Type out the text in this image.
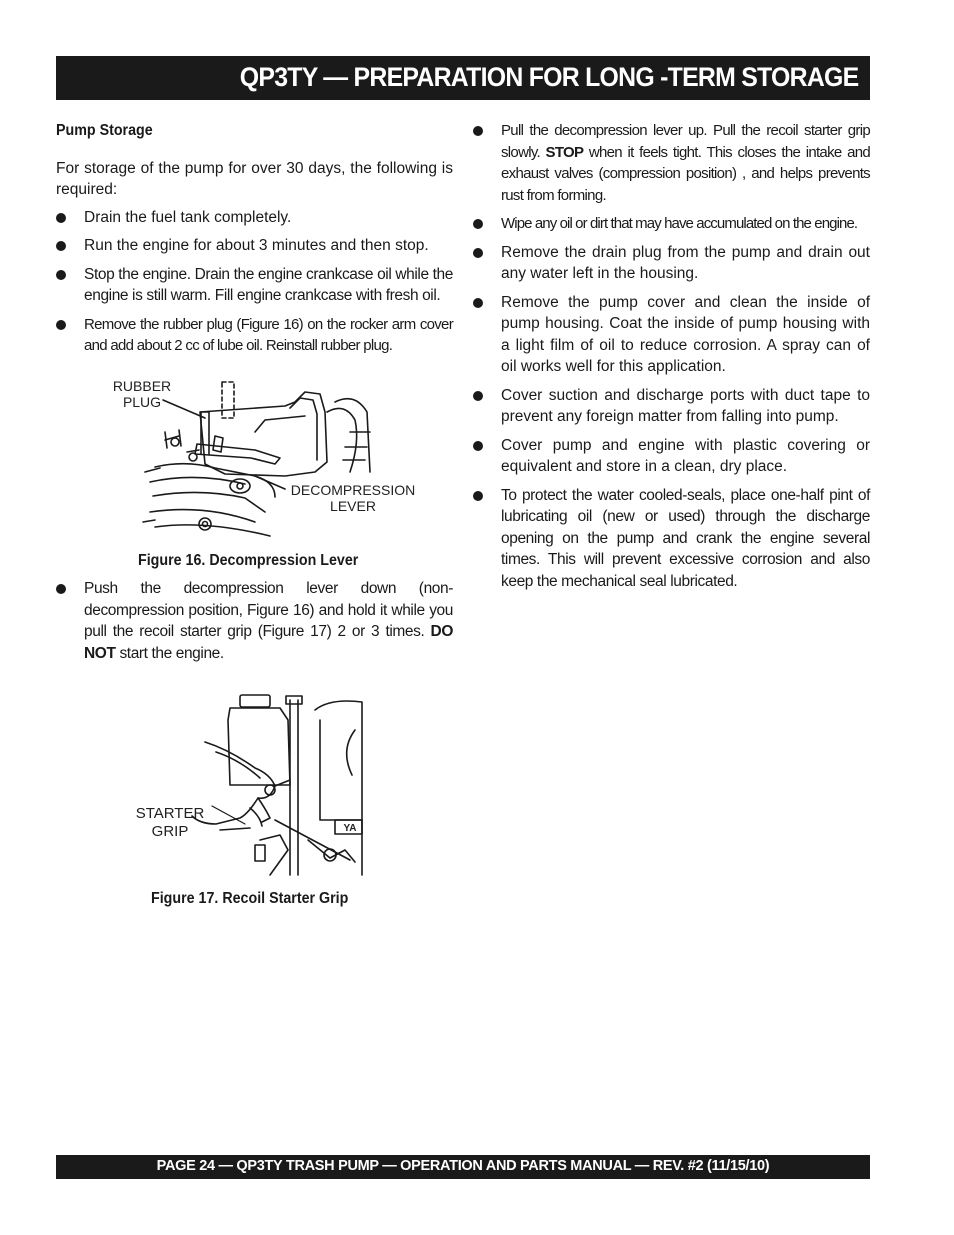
QP3TY — PREPARATION FOR LONG -TERM STORAGE
Pump Storage

For storage of the pump for over 30 days, the following is required:

Drain the fuel tank completely.
Run the engine for about 3 minutes and then stop.
Stop the engine. Drain the engine crankcase oil while the engine is still warm. Fill engine crankcase with fresh oil.
Remove the rubber plug (Figure 16) on the rocker arm cover and add about 2 cc of lube oil. Reinstall rubber plug.
RUBBER
PLUG
DECOMPRESSION
LEVER
Figure 16. Decompression Lever
Push the decompression lever down (non-decompression position, Figure 16) and hold it while you pull the recoil starter grip (Figure 17) 2 or 3 times. DO NOT start the engine.
YA
STARTER
GRIP
Figure 17. Recoil Starter Grip
Pull the decompression lever up. Pull the recoil starter grip slowly. STOP when it feels tight. This closes the intake and exhaust valves (compression position) , and helps prevents rust from forming.
Wipe any oil or dirt that may have accumulated on the engine.
Remove the drain plug from the pump and drain out any water left in the housing.
Remove the pump cover and clean the inside of pump housing. Coat the inside of pump housing with a light film of oil to reduce corrosion. A spray can of oil works well for this application.
Cover suction and discharge ports with duct tape to prevent any foreign matter from falling into pump.
Cover pump and engine with plastic covering or equivalent and store in a clean, dry place.
To protect the water cooled-seals, place one-half pint of lubricating oil (new or used) through the discharge opening on the pump and crank the engine several times. This will prevent excessive corrosion and also keep the mechanical seal lubricated.
PAGE 24 — QP3TY TRASH PUMP — OPERATION AND PARTS MANUAL — REV. #2 (11/15/10)
